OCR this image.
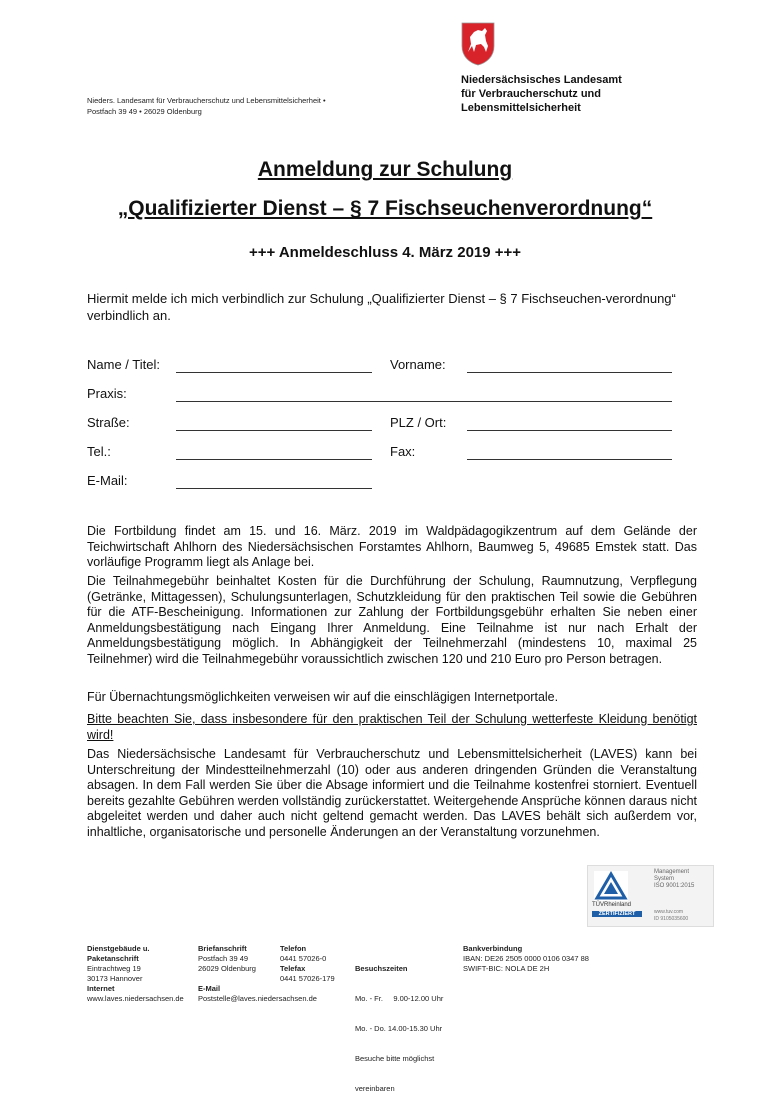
Nieders. Landesamt für Verbraucherschutz und Lebensmittelsicherheit •
Postfach 39 49 • 26029 Oldenburg
Niedersächsisches Landesamt
für Verbraucherschutz und
Lebensmittelsicherheit
Anmeldung zur Schulung
„Qualifizierter Dienst – § 7 Fischseuchenverordnung“
+++ Anmeldeschluss 4. März 2019 +++
Hiermit melde ich mich verbindlich zur Schulung „Qualifizierter Dienst – § 7 Fischseuchen-verordnung“ verbindlich an.
Name / Titel:	Vorname:
Praxis:
Straße:	PLZ / Ort:
Tel.:	Fax:
E-Mail:
Die Fortbildung findet am 15. und 16. März. 2019 im Waldpädagogikzentrum auf dem Gelände der Teichwirtschaft Ahlhorn des Niedersächsischen Forstamtes Ahlhorn, Baumweg 5, 49685 Emstek statt. Das vorläufige Programm liegt als Anlage bei.
Die Teilnahmegebühr beinhaltet Kosten für die Durchführung der Schulung, Raumnutzung, Verpflegung (Getränke, Mittagessen), Schulungsunterlagen, Schutzkleidung für den praktischen Teil sowie die Gebühren für die ATF-Bescheinigung. Informationen zur Zahlung der Fortbildungsgebühr erhalten Sie neben einer Anmeldungsbestätigung nach Eingang Ihrer Anmeldung. Eine Teilnahme ist nur nach Erhalt der Anmeldungsbestätigung möglich. In Abhängigkeit der Teilnehmerzahl (mindestens 10, maximal 25 Teilnehmer) wird die Teilnahmegebühr voraussichtlich zwischen 120 und 210 Euro pro Person betragen.
Für Übernachtungsmöglichkeiten verweisen wir auf die einschlägigen Internetportale.
Bitte beachten Sie, dass insbesondere für den praktischen Teil der Schulung wetterfeste Kleidung benötigt wird!
Das Niedersächsische Landesamt für Verbraucherschutz und Lebensmittelsicherheit (LAVES) kann bei Unterschreitung der Mindestteilnehmerzahl (10) oder aus anderen dringenden Gründen die Veranstaltung absagen. In dem Fall werden Sie über die Absage informiert und die Teilnahme kostenfrei storniert. Eventuell bereits gezahlte Gebühren werden vollständig zurückerstattet. Weitergehende Ansprüche können daraus nicht abgeleitet werden und daher auch nicht geltend gemacht werden. Das LAVES behält sich außerdem vor, inhaltliche, organisatorische und personelle Änderungen an der Veranstaltung vorzunehmen.
TÜVRheinland
ZERTIFIZIERT
Management
System
ISO 9001:2015
www.tuv.com
ID 9105035600
Dienstgebäude u.
Paketanschrift
Eintrachtweg 19
30173 Hannover
Internet
www.laves.niedersachsen.de
Briefanschrift
Postfach 39 49
26029 Oldenburg

E-Mail
Poststelle@laves.niedersachsen.de
Telefon
0441 57026-0
Telefax
0441 57026-179

Besuchszeiten

Mo. - Fr.     9.00-12.00 Uhr

Mo. - Do. 14.00-15.30 Uhr

Besuche bitte möglichst

vereinbaren

Bankverbindung
IBAN: DE26 2505 0000 0106 0347 88
SWIFT-BIC: NOLA DE 2H
